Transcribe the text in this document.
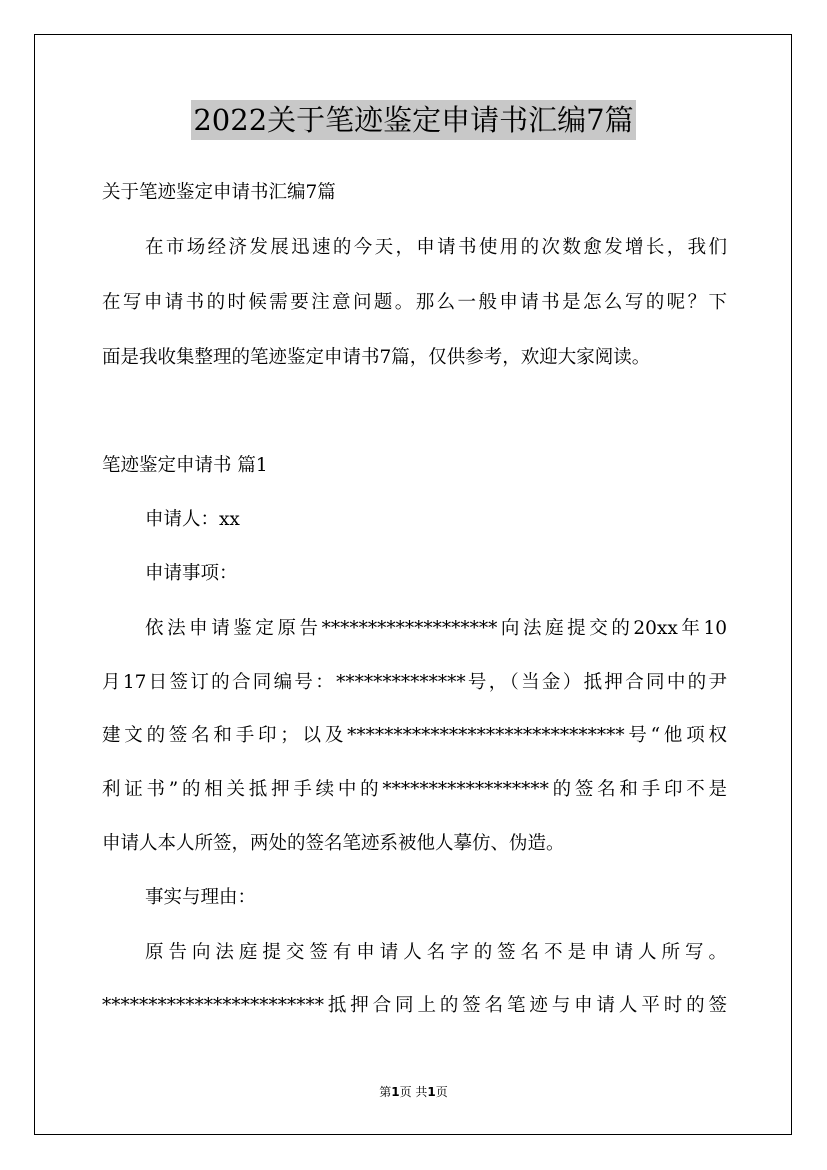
2022关于笔迹鉴定申请书汇编7篇
关于笔迹鉴定申请书汇编7篇
在市场经济发展迅速的今天，申请书使用的次数愈发增长，我们
在写申请书的时候需要注意问题。那么一般申请书是怎么写的呢？下
面是我收集整理的笔迹鉴定申请书7篇，仅供参考，欢迎大家阅读。
笔迹鉴定申请书 篇1
申请人：xx
申请事项：
依法申请鉴定原告*******************向法庭提交的20xx年10
月17日签订的合同编号：**************号，（当金）抵押合同中的尹
建文的签名和手印；以及******************************号“他项权
利证书”的相关抵押手续中的******************的签名和手印不是
申请人本人所签，两处的签名笔迹系被他人摹仿、伪造。
事实与理由：
原告向法庭提交签有申请人名字的签名不是申请人所写。
************************抵押合同上的签名笔迹与申请人平时的签
第1页 共1页
